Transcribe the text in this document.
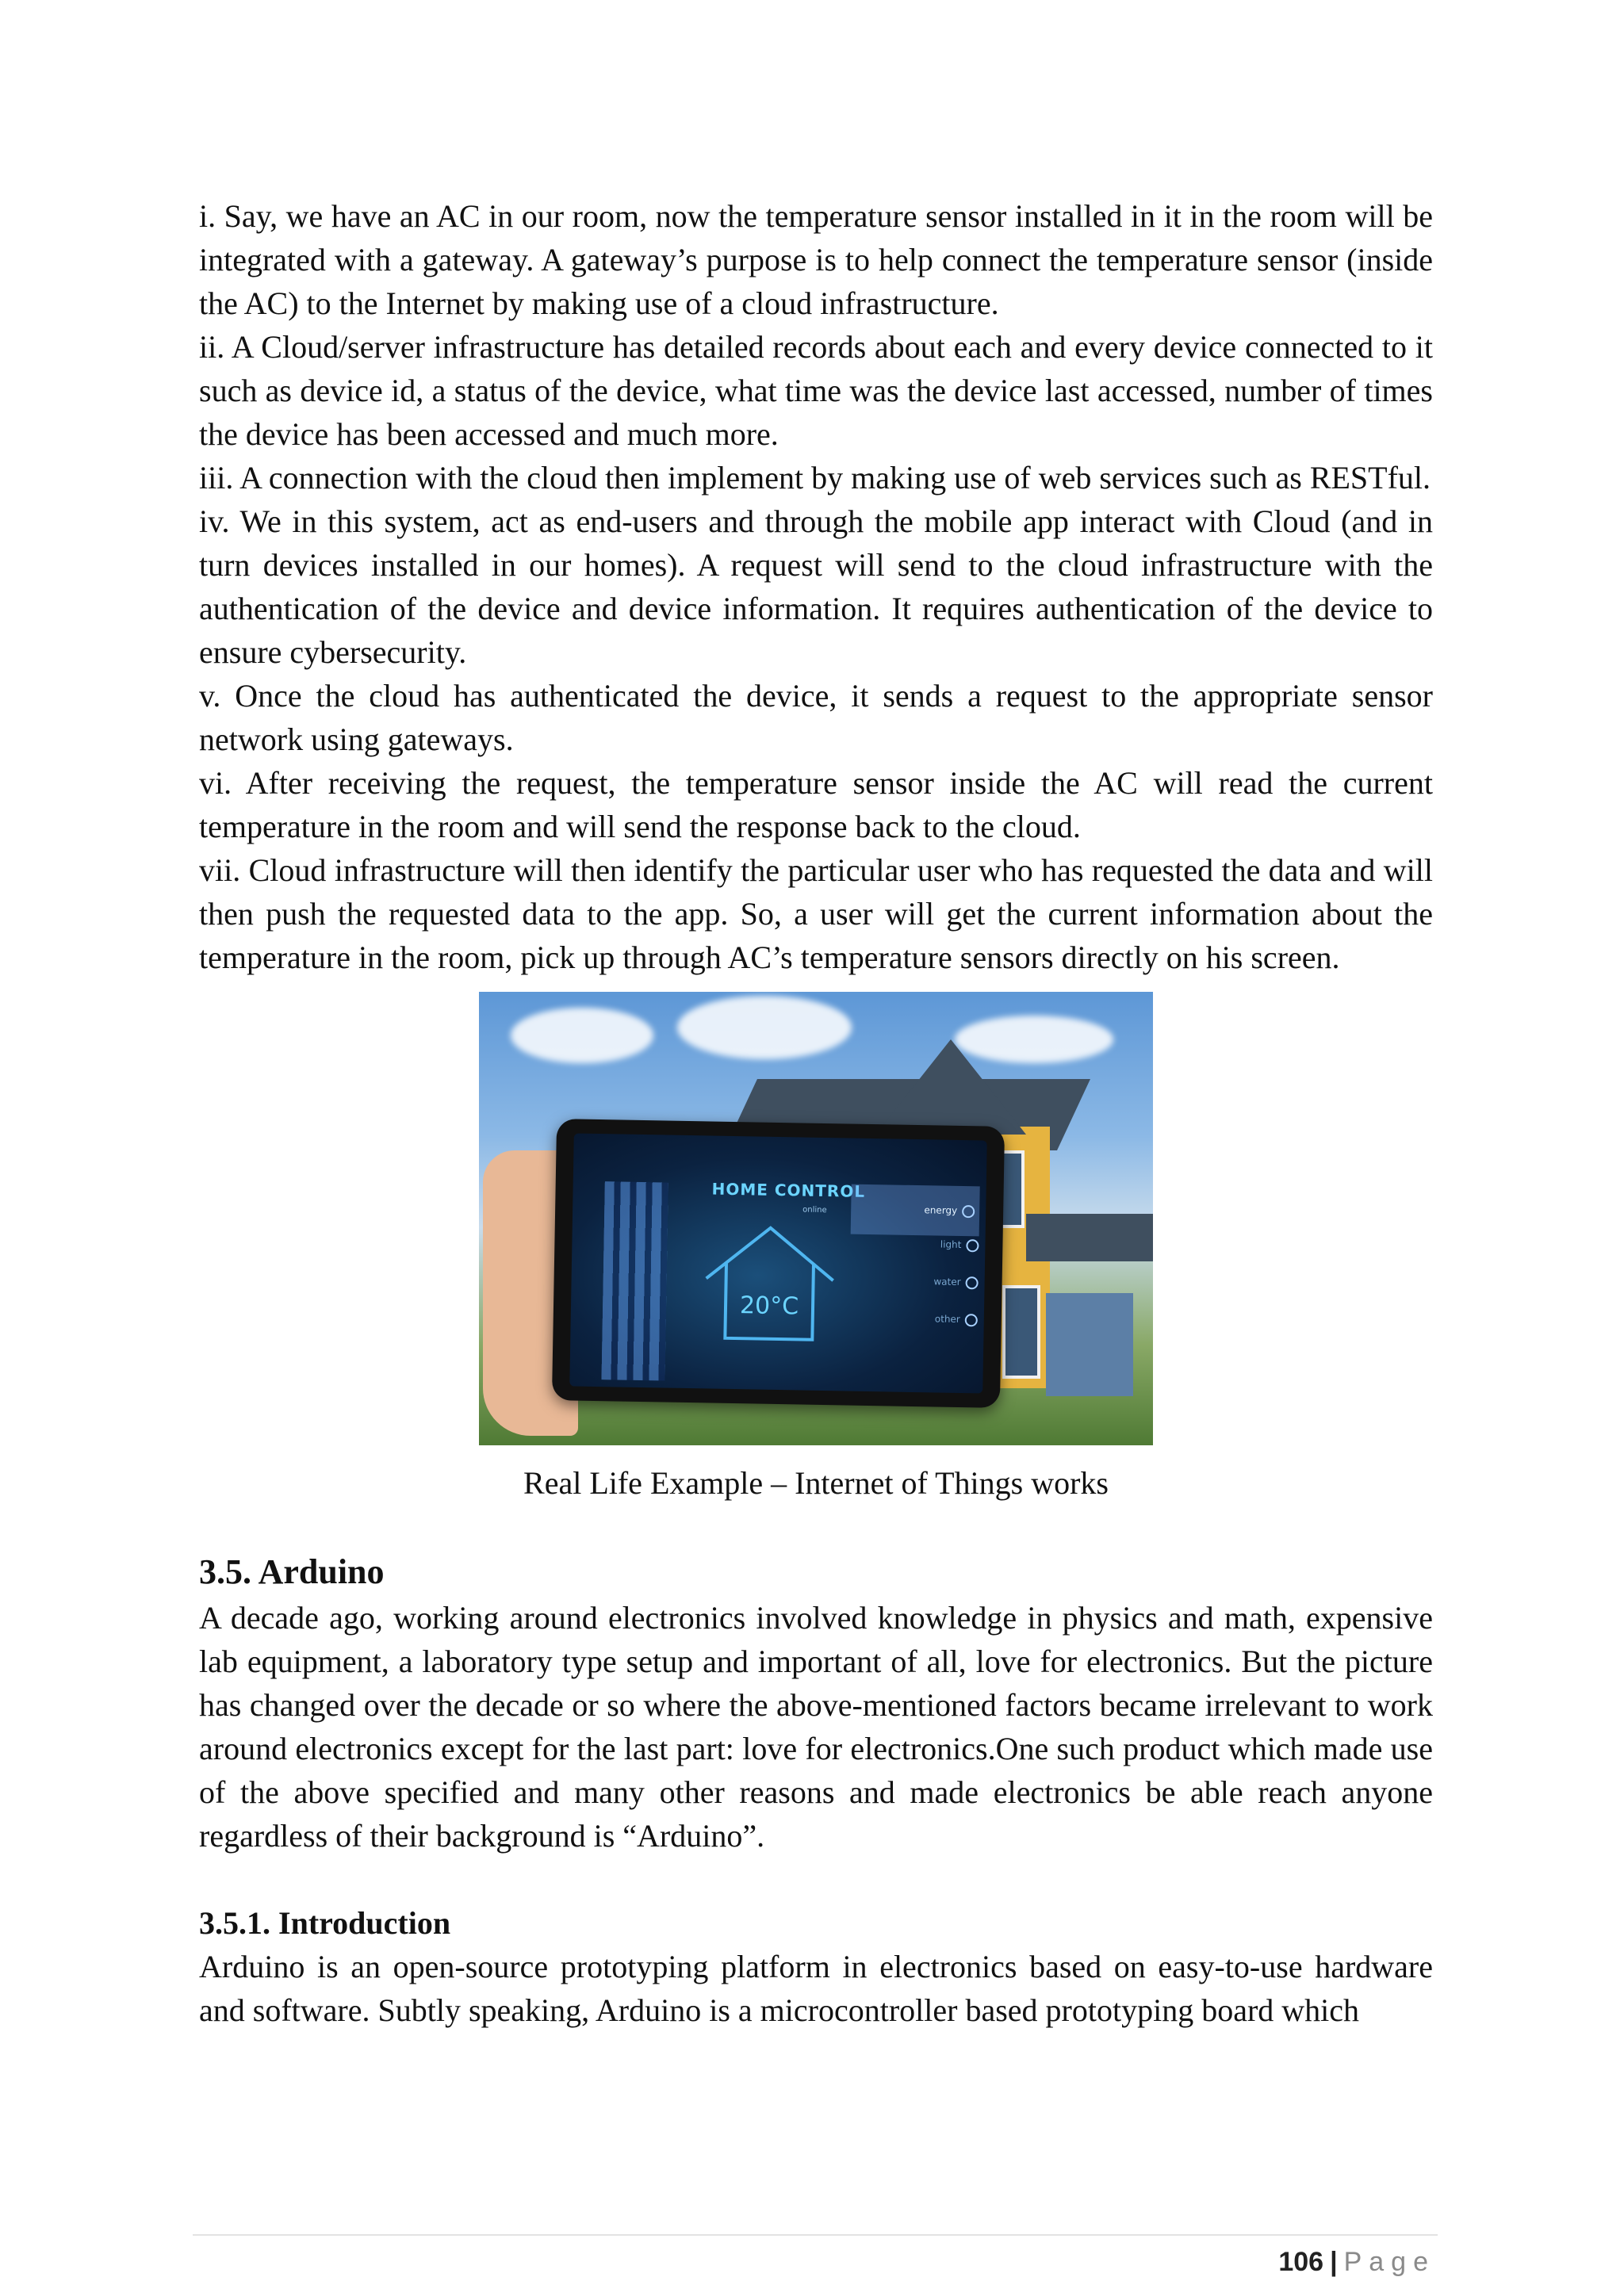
i. Say, we have an AC in our room, now the temperature sensor installed in it in the room will be integrated with a gateway. A gateway’s purpose is to help connect the temperature sensor (inside the AC) to the Internet by making use of a cloud infrastructure.

ii. A Cloud/server infrastructure has detailed records about each and every device connected to it such as device id, a status of the device, what time was the device last accessed, number of times the device has been accessed and much more.

iii. A connection with the cloud then implement by making use of web services such as RESTful.

iv. We in this system, act as end-users and through the mobile app interact with Cloud (and in turn devices installed in our homes). A request will send to the cloud infrastructure with the authentication of the device and device information. It requires authentication of the device to ensure cybersecurity.

v. Once the cloud has authenticated the device, it sends a request to the appropriate sensor network using gateways.

vi. After receiving the request, the temperature sensor inside the AC will read the current temperature in the room and will send the response back to the cloud.

vii. Cloud infrastructure will then identify the particular user who has requested the data and will then push the requested data to the app. So, a user will get the current information about the temperature in the room, pick up through AC’s temperature sensors directly on his screen.

HOME CONTROL
online
20°C
energy
light
water
other
Real Life Example – Internet of Things works
3.5. Arduino

A decade ago, working around electronics involved knowledge in physics and math, expensive lab equipment, a laboratory type setup and important of all, love for electronics. But the picture has changed over the decade or so where the above-mentioned factors became irrelevant to work around electronics except for the last part: love for electronics.One such product which made use of the above specified and many other reasons and made electronics be able reach anyone regardless of their background is “Arduino”.

3.5.1. Introduction

Arduino is an open-source prototyping platform in electronics based on easy-to-use hardware and software. Subtly speaking, Arduino is a microcontroller based prototyping board which

106 | Page
